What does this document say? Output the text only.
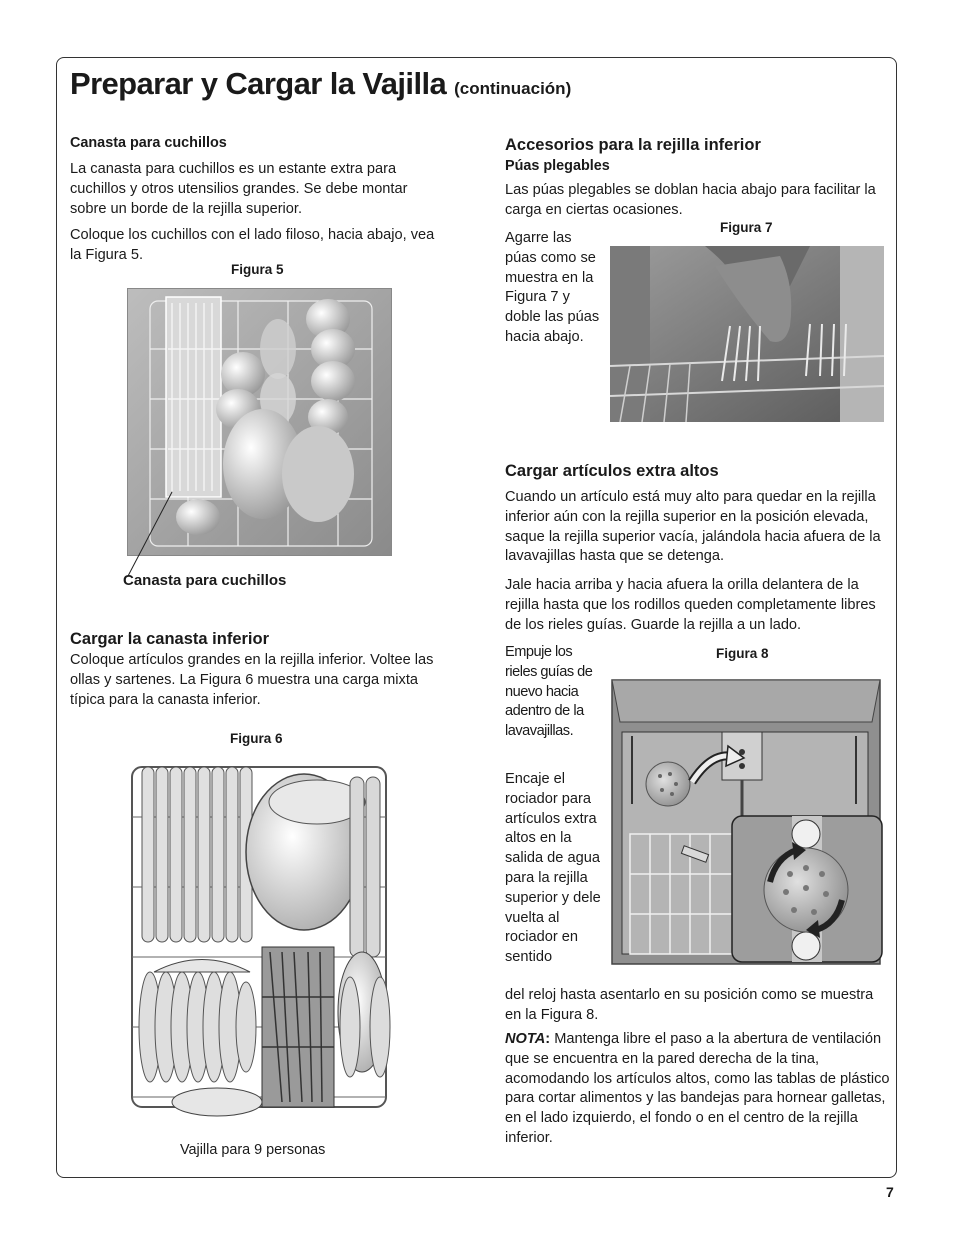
Preparar y Cargar la Vajilla (continuación)
Canasta para cuchillos

La canasta para cuchillos es un estante extra para cuchillos y otros utensilios grandes. Se debe montar sobre un borde de la rejilla superior.

Coloque los cuchillos con el lado filoso, hacia abajo, vea la Figura 5.

Figura 5
Canasta para cuchillos
Cargar la canasta inferior

Coloque artículos grandes en la rejilla inferior. Voltee las ollas y sartenes. La Figura 6 muestra una carga mixta típica para la canasta inferior.

Figura 6
Vajilla para 9 personas
Accesorios para la rejilla inferior
Púas plegables

Las púas plegables se doblan hacia abajo para facilitar la carga en ciertas ocasiones.

Figura 7

Agarre las púas como se muestra en la Figura 7 y doble las púas hacia abajo.

Cargar artículos extra altos

Cuando un artículo está muy alto para quedar en la rejilla inferior aún con la rejilla superior en la posición elevada, saque la rejilla superior vacía, jalándola hacia afuera de la lavavajillas hasta que se detenga.

Jale hacia arriba y hacia afuera la orilla delantera de la rejilla hasta que los rodillos queden completamente libres de los rieles guías. Guarde la rejilla a un lado.

Empuje los rieles guías de nuevo hacia adentro de la lavavajillas.

Figura 8

Encaje el rociador para artículos extra altos en la salida de agua para la rejilla superior y dele vuelta al rociador en sentido

del reloj hasta asentarlo en su posición como se muestra en la Figura 8.

NOTA: Mantenga libre el paso a la abertura de ventilación que se encuentra en la pared derecha de la tina, acomodando los artículos altos, como las tablas de plástico para cortar alimentos y las bandejas para hornear galletas, en el lado izquierdo, el fondo o en el centro de la rejilla inferior.

7
